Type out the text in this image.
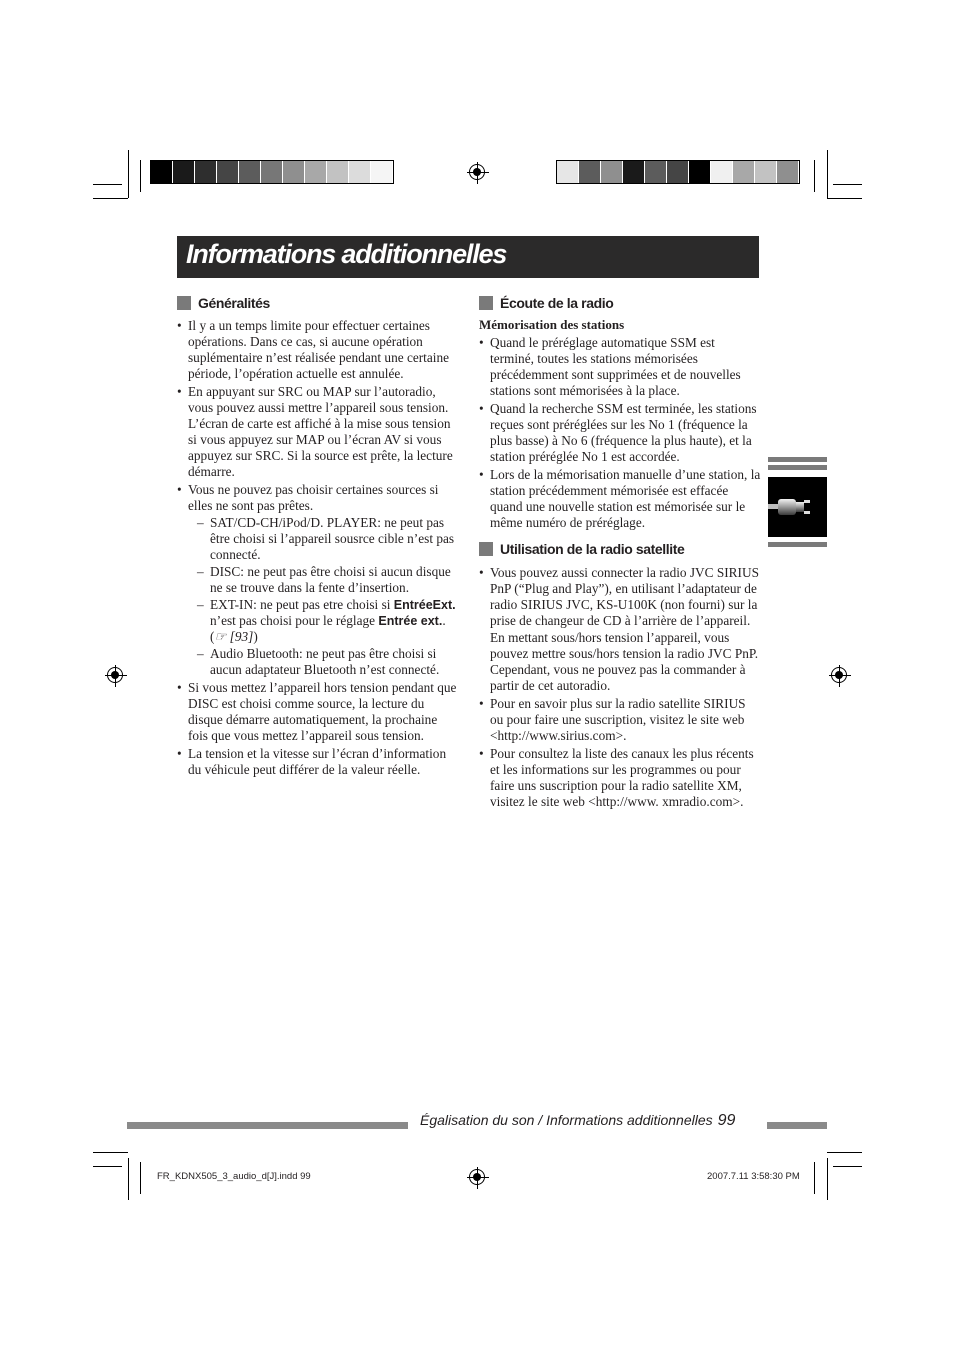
Informations additionnelles
Généralités
• Il y a un temps limite pour effectuer certaines opérations. Dans ce cas, si aucune opération suplémentaire n’est réalisée pendant une certaine période, l’opération actuelle est annulée.
• En appuyant sur SRC ou MAP sur l’autoradio, vous pouvez aussi mettre l’appareil sous tension. L’écran de carte est affiché à la mise sous tension si vous appuyez sur MAP ou l’écran AV si vous appuyez sur SRC. Si la source est prête, la lecture démarre.
• Vous ne pouvez pas choisir certaines sources si elles ne sont pas prêtes.
– SAT/CD-CH/iPod/D. PLAYER: ne peut pas être choisi si l’appareil sousrce cible n’est pas connecté.
– DISC: ne peut pas être choisi si aucun disque ne se trouve dans la fente d’insertion.
– EXT-IN: ne peut pas etre choisi si EntréeExt. n’est pas choisi pour le réglage Entrée ext.. (☞ [93])
– Audio Bluetooth: ne peut pas être choisi si aucun adaptateur Bluetooth n’est connecté.
• Si vous mettez l’appareil hors tension pendant que DISC est choisi comme source, la lecture du disque démarre automatiquement, la prochaine fois que vous mettez l’appareil sous tension.
• La tension et la vitesse sur l’écran d’information du véhicule peut différer de la valeur réelle.
Écoute de la radio
Mémorisation des stations
• Quand le préréglage automatique SSM est terminé, toutes les stations mémorisées précédemment sont supprimées et de nouvelles stations sont mémorisées à la place.
• Quand la recherche SSM est terminée, les stations reçues sont préréglées sur les No 1 (fréquence la plus basse) à No 6 (fréquence la plus haute), et la station préréglée No 1 est accordée.
• Lors de la mémorisation manuelle d’une station, la station précédemment mémorisée est effacée quand une nouvelle station est mémorisée sur le même numéro de préréglage.
Utilisation de la radio satellite
• Vous pouvez aussi connecter la radio JVC SIRIUS PnP (“Plug and Play”), en utilisant l’adaptateur de radio SIRIUS JVC, KS-U100K (non fourni) sur la prise de changeur de CD à l’arrière de l’appareil.
En mettant sous/hors tension l’appareil, vous pouvez mettre sous/hors tension la radio JVC PnP. Cependant, vous ne pouvez pas la commander à partir de cet autoradio.
• Pour en savoir plus sur la radio satellite SIRIUS ou pour faire une suscription, visitez le site web <http://www.sirius.com>.
• Pour consultez la liste des canaux les plus récents et les informations sur les programmes ou pour faire uns suscription pour la radio satellite XM, visitez le site web <http://www. xmradio.com>.
Égalisation du son / Informations additionnelles 99
FR_KDNX505_3_audio_d[J].indd 99	2007.7.11 3:58:30 PM
